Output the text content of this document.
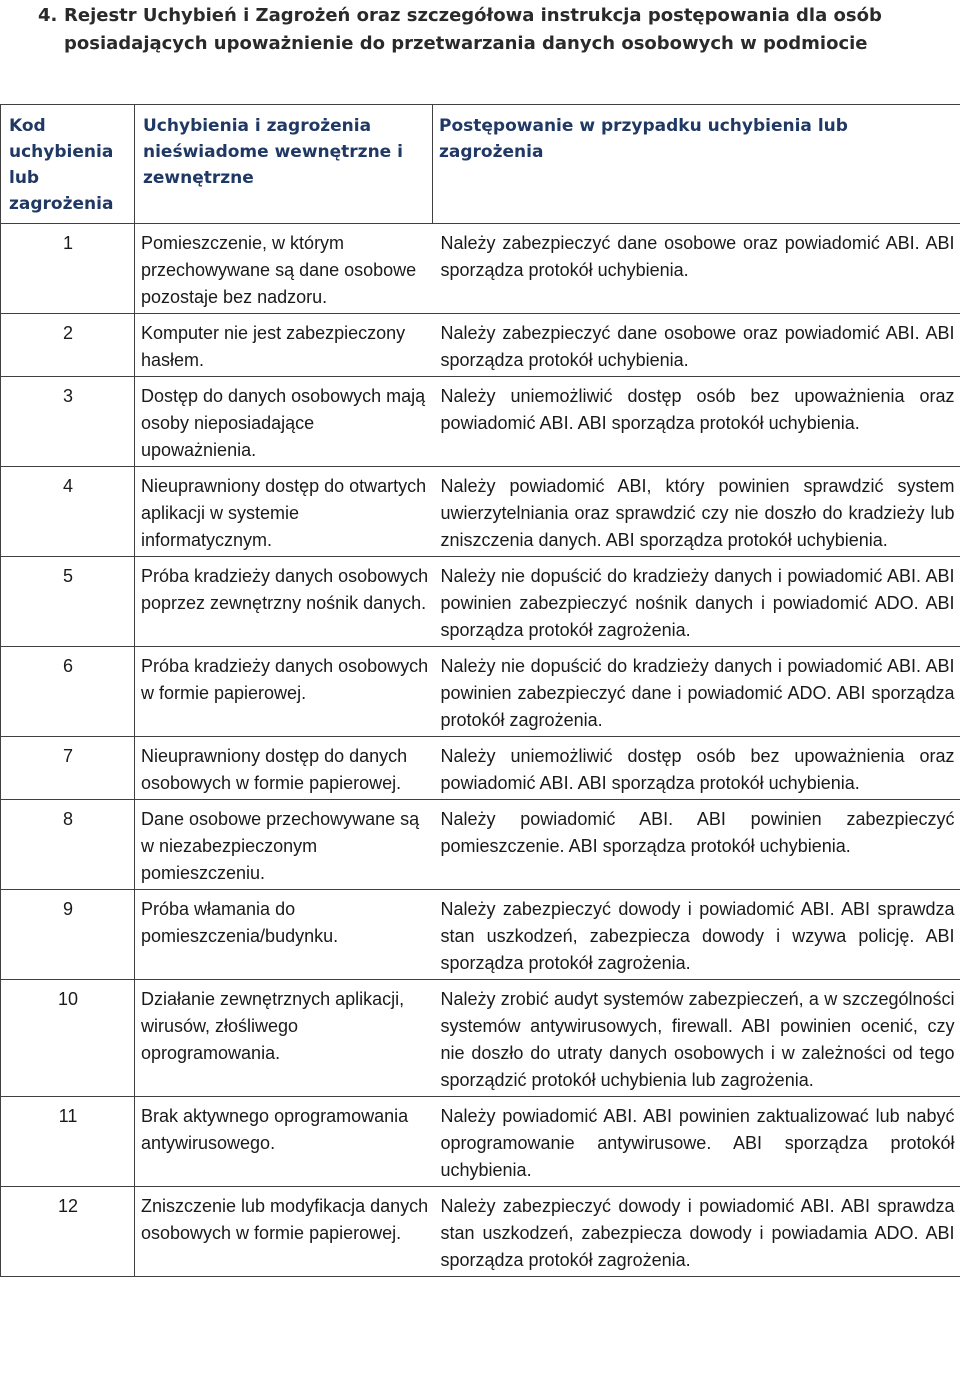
4. Rejestr Uchybień i Zagrożeń oraz szczegółowa instrukcja postępowania dla osób posiadających upoważnienie do przetwarzania danych osobowych w podmiocie
Kod uchybienia lub zagrożenia	Uchybienia i zagrożenia nieświadome wewnętrzne i zewnętrzne	Postępowanie w przypadku uchybienia lub zagrożenia
1	Pomieszczenie, w którym przechowywane są dane osobowe pozostaje bez nadzoru.	Należy zabezpieczyć dane osobowe oraz powiadomić ABI. ABI sporządza protokół uchybienia.
2	Komputer nie jest zabezpieczony hasłem.	Należy zabezpieczyć dane osobowe oraz powiadomić ABI. ABI sporządza protokół uchybienia.
3	Dostęp do danych osobowych mają osoby nieposiadające upoważnienia.	Należy uniemożliwić dostęp osób bez upoważnienia oraz powiadomić ABI. ABI sporządza protokół uchybienia.
4	Nieuprawniony dostęp do otwartych aplikacji w systemie informatycznym.	Należy powiadomić ABI, który powinien sprawdzić system uwierzytelniania oraz sprawdzić czy nie doszło do kradzieży lub zniszczenia danych. ABI sporządza protokół uchybienia.
5	Próba kradzieży danych osobowych poprzez zewnętrzny nośnik danych.	Należy nie dopuścić do kradzieży danych i powiadomić ABI. ABI powinien zabezpieczyć nośnik danych i powiadomić ADO. ABI sporządza protokół zagrożenia.
6	Próba kradzieży danych osobowych w formie papierowej.	Należy nie dopuścić do kradzieży danych i powiadomić ABI. ABI powinien zabezpieczyć dane i powiadomić ADO. ABI sporządza protokół zagrożenia.
7	Nieuprawniony dostęp do danych osobowych w formie papierowej.	Należy uniemożliwić dostęp osób bez upoważnienia oraz powiadomić ABI. ABI sporządza protokół uchybienia.
8	Dane osobowe przechowywane są w niezabezpieczonym pomieszczeniu.	Należy powiadomić ABI. ABI powinien zabezpieczyć pomieszczenie. ABI sporządza protokół uchybienia.
9	Próba włamania do pomieszczenia/budynku.	Należy zabezpieczyć dowody i powiadomić ABI. ABI sprawdza stan uszkodzeń, zabezpiecza dowody i wzywa policję. ABI sporządza protokół zagrożenia.
10	Działanie zewnętrznych aplikacji, wirusów, złośliwego oprogramowania.	Należy zrobić audyt systemów zabezpieczeń, a w szczególności systemów antywirusowych, firewall. ABI powinien ocenić, czy nie doszło do utraty danych osobowych i w zależności od tego sporządzić protokół uchybienia lub zagrożenia.
11	Brak aktywnego oprogramowania antywirusowego.	Należy powiadomić ABI. ABI powinien zaktualizować lub nabyć oprogramowanie antywirusowe. ABI sporządza protokół uchybienia.
12	Zniszczenie lub modyfikacja danych osobowych w formie papierowej.	Należy zabezpieczyć dowody i powiadomić ABI. ABI sprawdza stan uszkodzeń, zabezpiecza dowody i powiadamia ADO. ABI sporządza protokół zagrożenia.
